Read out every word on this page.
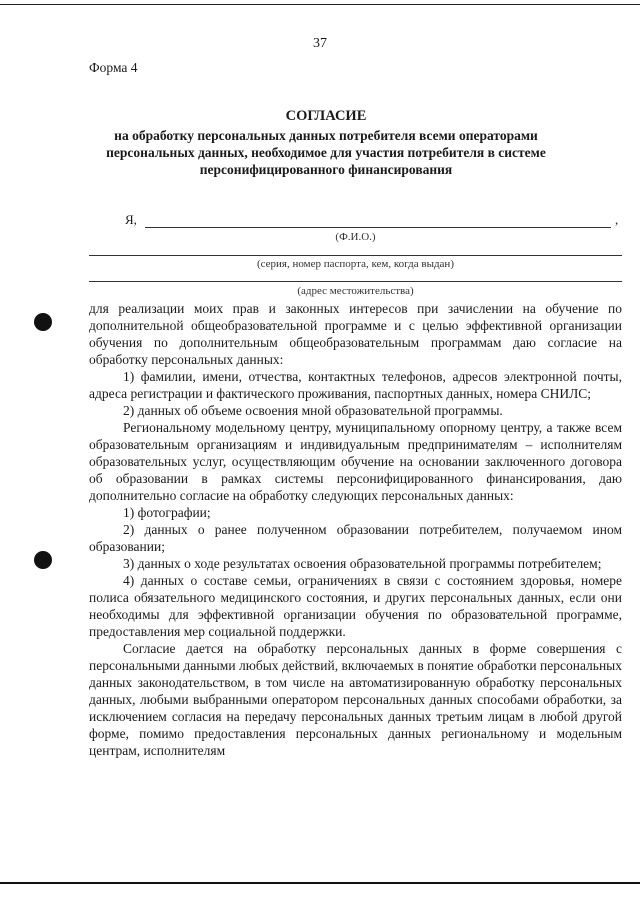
37
Форма 4
СОГЛАСИЕ
на обработку персональных данных потребителя всеми операторами персональных данных, необходимое для участия потребителя в системе персонифицированного финансирования
Я,	,
(Ф.И.О.)
(серия, номер паспорта, кем, когда выдан)
(адрес местожительства)

для реализации моих прав и законных интересов при зачислении на обучение по дополнительной общеобразовательной программе и с целью эффективной организации обучения по дополнительным общеобразовательным программам даю согласие на обработку персональных данных:

1) фамилии, имени, отчества, контактных телефонов, адресов электронной почты, адреса регистрации и фактического проживания, паспортных данных, номера СНИЛС;

2) данных об объеме освоения мной образовательной программы.

Региональному модельному центру, муниципальному опорному центру, а также всем образовательным организациям и индивидуальным предпринимателям – исполнителям образовательных услуг, осуществляющим обучение на основании заключенного договора об образовании в рамках системы персонифицированного финансирования, даю дополнительно согласие на обработку следующих персональных данных:

1) фотографии;

2) данных о ранее полученном образовании потребителем, получаемом ином образовании;

3) данных о ходе результатах освоения образовательной программы потребителем;

4) данных о составе семьи, ограничениях в связи с состоянием здоровья, номере полиса обязательного медицинского состояния, и других персональных данных, если они необходимы для эффективной организации обучения по образовательной программе, предоставления мер социальной поддержки.

Согласие дается на обработку персональных данных в форме совершения с персональными данными любых действий, включаемых в понятие обработки персональных данных законодательством, в том числе на автоматизированную обработку персональных данных, любыми выбранными оператором персональных данных способами обработки, за исключением согласия на передачу персональных данных третьим лицам в любой другой форме, помимо предоставления персональных данных региональному и модельным центрам, исполнителям
